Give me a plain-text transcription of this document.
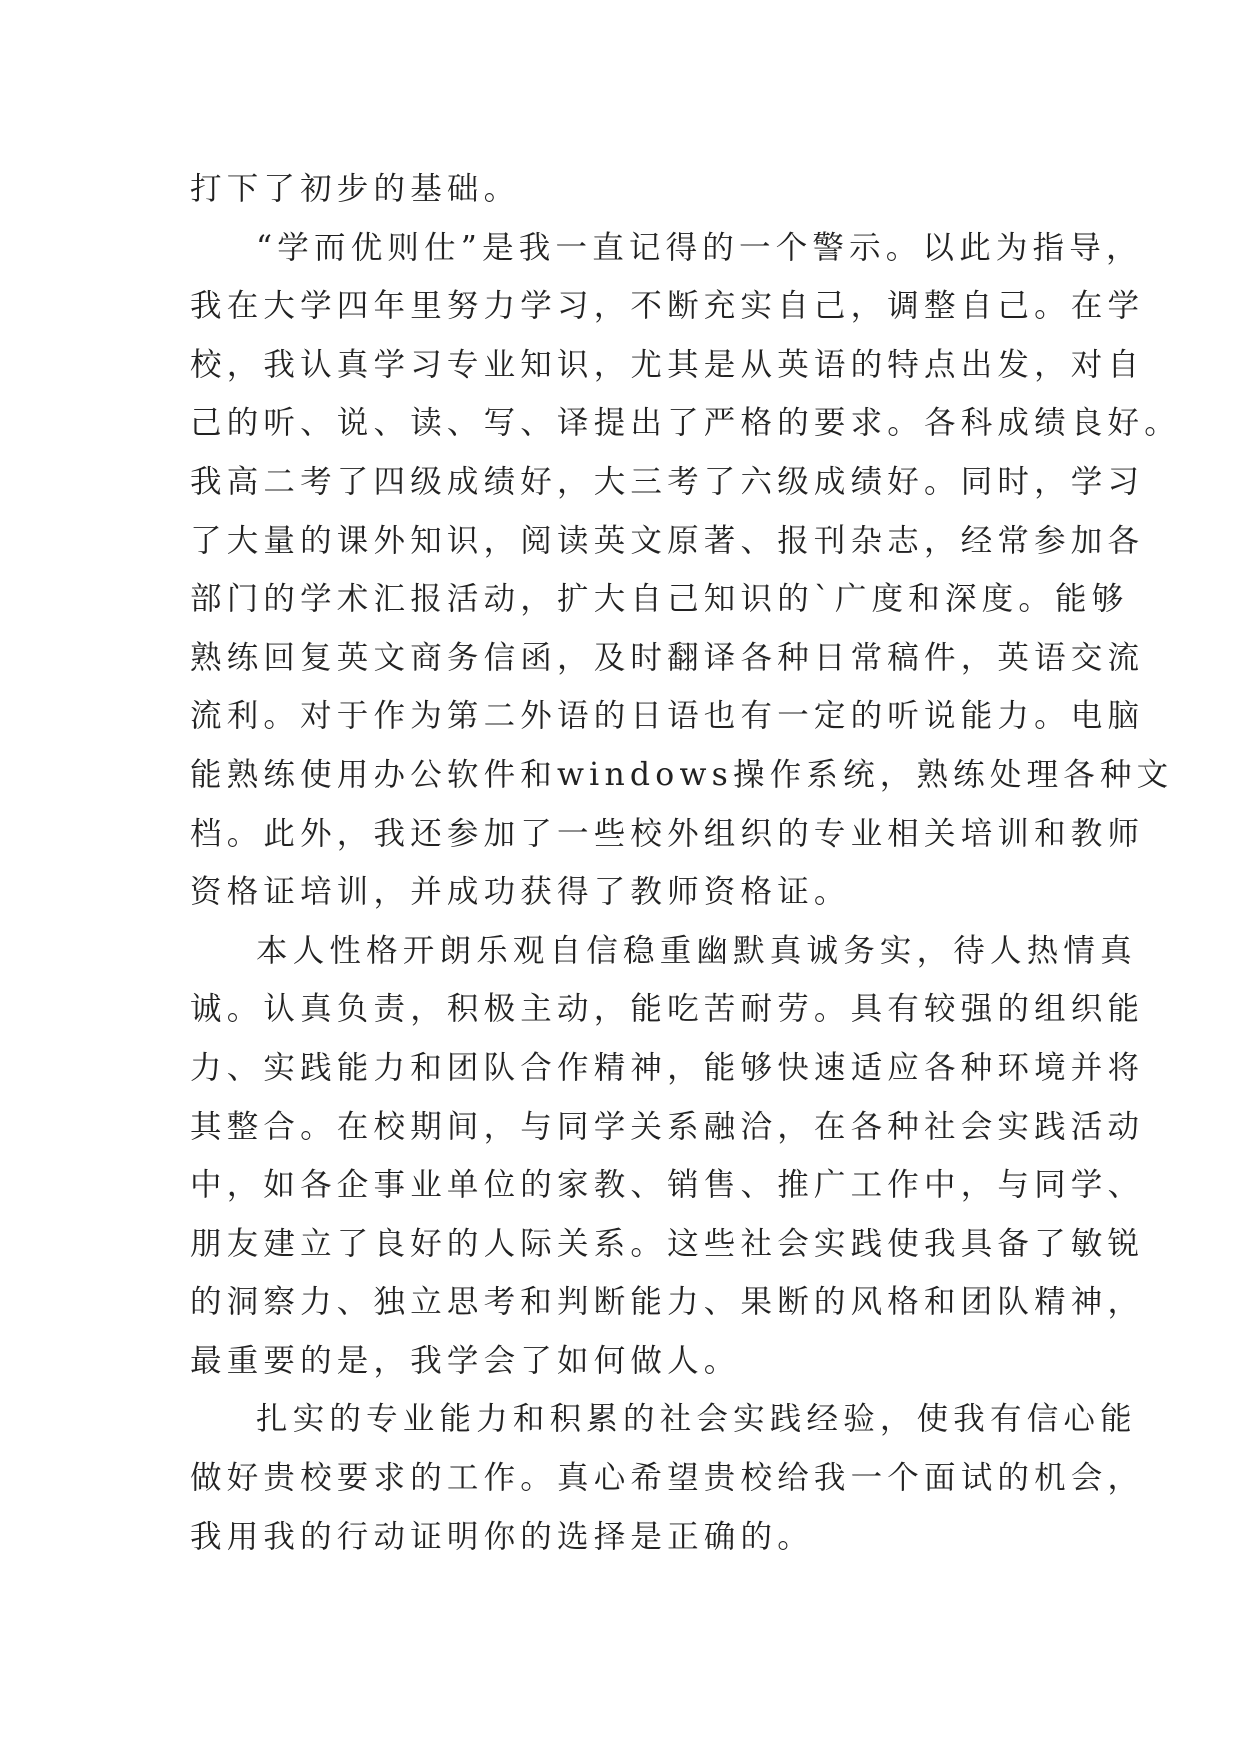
打下了初步的基础。
“学而优则仕”是我一直记得的一个警示。以此为指导，
我在大学四年里努力学习，不断充实自己，调整自己。在学
校，我认真学习专业知识，尤其是从英语的特点出发，对自
己的听、说、读、写、译提出了严格的要求。各科成绩良好。
我高二考了四级成绩好，大三考了六级成绩好。同时，学习
了大量的课外知识，阅读英文原著、报刊杂志，经常参加各
部门的学术汇报活动，扩大自己知识的`广度和深度。能够
熟练回复英文商务信函，及时翻译各种日常稿件，英语交流
流利。对于作为第二外语的日语也有一定的听说能力。电脑
能熟练使用办公软件和windows操作系统，熟练处理各种文
档。此外，我还参加了一些校外组织的专业相关培训和教师
资格证培训，并成功获得了教师资格证。
本人性格开朗乐观自信稳重幽默真诚务实，待人热情真
诚。认真负责，积极主动，能吃苦耐劳。具有较强的组织能
力、实践能力和团队合作精神，能够快速适应各种环境并将
其整合。在校期间，与同学关系融洽，在各种社会实践活动
中，如各企事业单位的家教、销售、推广工作中，与同学、
朋友建立了良好的人际关系。这些社会实践使我具备了敏锐
的洞察力、独立思考和判断能力、果断的风格和团队精神，
最重要的是，我学会了如何做人。
扎实的专业能力和积累的社会实践经验，使我有信心能
做好贵校要求的工作。真心希望贵校给我一个面试的机会，
我用我的行动证明你的选择是正确的。
